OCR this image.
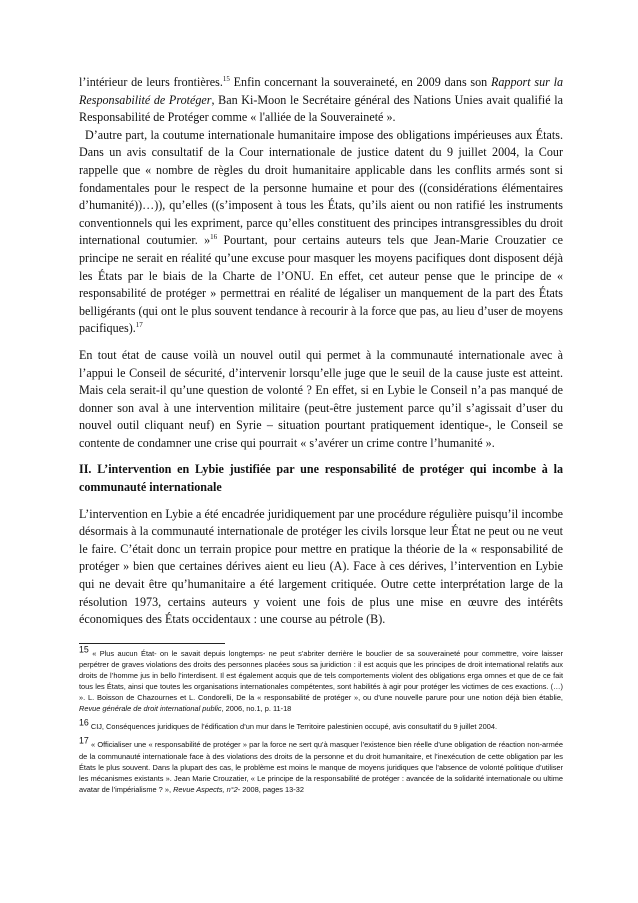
l’intérieur de leurs frontières.$^{15}$ Enfin concernant la souveraineté, en 2009 dans son Rapport sur la Responsabilité de Protéger, Ban Ki-Moon le Secrétaire général des Nations Unies avait qualifié la Responsabilité de Protéger comme « l'alliée de la Souveraineté ».

D’autre part, la coutume internationale humanitaire impose des obligations impérieuses aux États. Dans un avis consultatif de la Cour internationale de justice datent du 9 juillet 2004, la Cour rappelle que « nombre de règles du droit humanitaire applicable dans les conflits armés sont si fondamentales pour le respect de la personne humaine et pour des ((considérations élémentaires d’humanité))…)), qu’elles ((s’imposent à tous les États, qu’ils aient ou non ratifié les instruments conventionnels qui les expriment, parce qu’elles constituent des principes intransgressibles du droit international coutumier. »$^{16}$ Pourtant, pour certains auteurs tels que Jean-Marie Crouzatier ce principe ne serait en réalité qu’une excuse pour masquer les moyens pacifiques dont disposent déjà les États par le biais de la Charte de l’ONU. En effet, cet auteur pense que le principe de « responsabilité de protéger » permettrai en réalité de légaliser un manquement de la part des États belligérants (qui ont le plus souvent tendance à recourir à la force que pas, au lieu d’user de moyens pacifiques).$^{17}$

En tout état de cause voilà un nouvel outil qui permet à la communauté internationale avec à l’appui le Conseil de sécurité, d’intervenir lorsqu’elle juge que le seuil de la cause juste est atteint. Mais cela serait-il qu’une question de volonté ? En effet, si en Lybie le Conseil n’a pas manqué de donner son aval à une intervention militaire (peut-être justement parce qu’il s’agissait d’user du nouvel outil cliquant neuf) en Syrie – situation pourtant pratiquement identique-, le Conseil se contente de condamner une crise qui pourrait « s’avérer un crime contre l’humanité ».

II. L’intervention en Lybie justifiée par une responsabilité de protéger qui incombe à la communauté internationale

L’intervention en Lybie a été encadrée juridiquement par une procédure régulière puisqu’il incombe désormais à la communauté internationale de protéger les civils lorsque leur État ne peut ou ne veut le faire. C’était donc un terrain propice pour mettre en pratique la théorie de la « responsabilité de protéger » bien que certaines dérives aient eu lieu (A). Face à ces dérives, l’intervention en Lybie qui ne devait être qu’humanitaire a été largement critiquée. Outre cette interprétation large de la résolution 1973, certains auteurs y voient une fois de plus une mise en œuvre des intérêts économiques des États occidentaux : une course au pétrole (B).

$^{15}$ « Plus aucun État- on le savait depuis longtemps- ne peut s’abriter derrière le bouclier de sa souveraineté pour commettre, voire laisser perpétrer de graves violations des droits des personnes placées sous sa juridiction : il est acquis que les principes de droit international relatifs aux droits de l’homme jus in bello l’interdisent. Il est également acquis que de tels comportements violent des obligations erga omnes et que de ce fait tous les États, ainsi que toutes les organisations internationales compétentes, sont habilités à agir pour protéger les victimes de ces exactions. (…) ». L. Boisson de Chazournes et L. Condorelli, De la « responsabilité de protéger », ou d’une nouvelle parure pour une notion déjà bien établie, Revue générale de droit international public, 2006, no.1, p. 11-18

$^{16}$ CIJ, Conséquences juridiques de l’édification d’un mur dans le Territoire palestinien occupé, avis consultatif du 9 juillet 2004.

$^{17}$ « Officialiser une « responsabilité de protéger » par la force ne sert qu’à masquer l’existence bien réelle d’une obligation de réaction non-armée de la communauté internationale face à des violations des droits de la personne et du droit humanitaire, et l’inexécution de cette obligation par les États le plus souvent. Dans la plupart des cas, le problème est moins le manque de moyens juridiques que l’absence de volonté politique d’utiliser les mécanismes existants ». Jean Marie Crouzatier, « Le principe de la responsabilité de protéger : avancée de la solidarité internationale ou ultime avatar de l’impérialisme ? », Revue Aspects, n°2- 2008, pages 13-32
